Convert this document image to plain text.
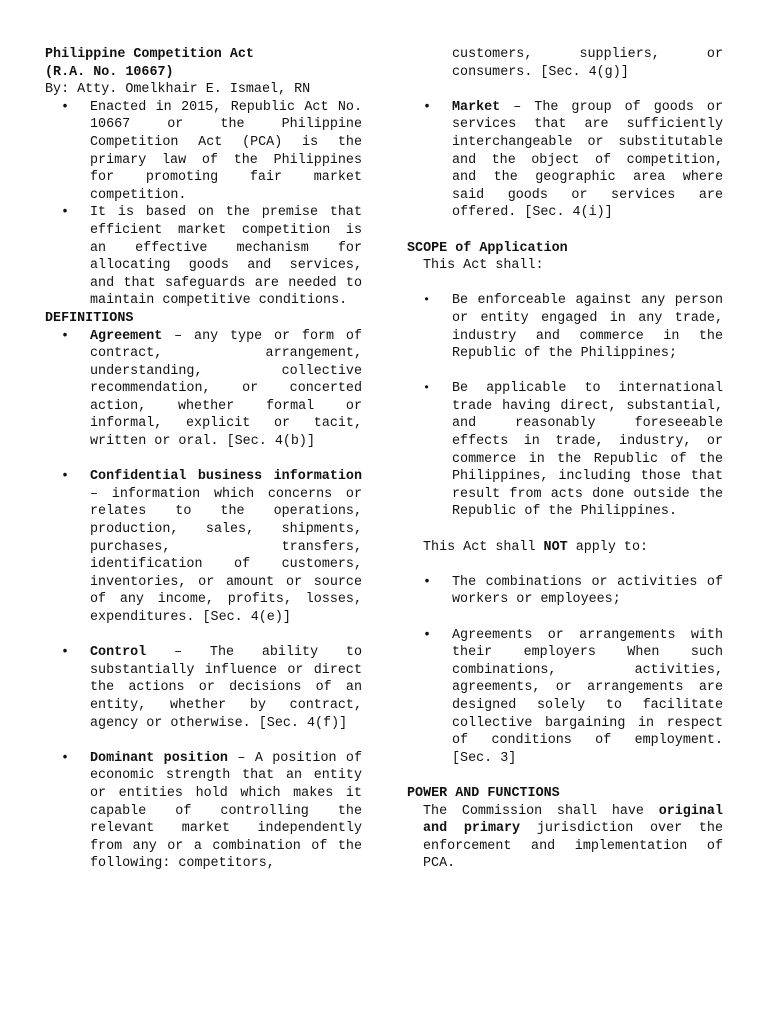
Philippine Competition Act

(R.A. No. 10667)

By: Atty. Omelkhair E. Ismael, RN

• Enacted in 2015, Republic Act No. 10667 or the Philippine Competition Act (PCA) is the primary law of the Philippines for promoting fair market competition.
• It is based on the premise that efficient market competition is an effective mechanism for allocating goods and services, and that safeguards are needed to maintain competitive conditions.

DEFINITIONS

• Agreement – any type or form of contract, arrangement, understanding, collective recommendation, or concerted action, whether formal or informal, explicit or tacit, written or oral. [Sec. 4(b)]
• Confidential business information – information which concerns or relates to the operations, production, sales, shipments, purchases, transfers, identification of customers, inventories, or amount or source of any income, profits, losses, expenditures. [Sec. 4(e)]
• Control – The ability to substantially influence or direct the actions or decisions of an entity, whether by contract, agency or otherwise. [Sec. 4(f)]
• Dominant position – A position of economic strength that an entity or entities hold which makes it capable of controlling the relevant market independently from any or a combination of the following: competitors,
customers, suppliers, or consumers. [Sec. 4(g)]
• Market – The group of goods or services that are sufficiently interchangeable or substitutable and the object of competition, and the geographic area where said goods or services are offered. [Sec. 4(i)]

SCOPE of Application

This Act shall:

• Be enforceable against any person or entity engaged in any trade, industry and commerce in the Republic of the Philippines;
• Be applicable to international trade having direct, substantial, and reasonably foreseeable effects in trade, industry, or commerce in the Republic of the Philippines, including those that result from acts done outside the Republic of the Philippines.

This Act shall NOT apply to:

• The combinations or activities of workers or employees;
• Agreements or arrangements with their employers When such combinations, activities, agreements, or arrangements are designed solely to facilitate collective bargaining in respect of conditions of employment. [Sec. 3]

POWER AND FUNCTIONS

The Commission shall have original and primary jurisdiction over the enforcement and implementation of PCA.
